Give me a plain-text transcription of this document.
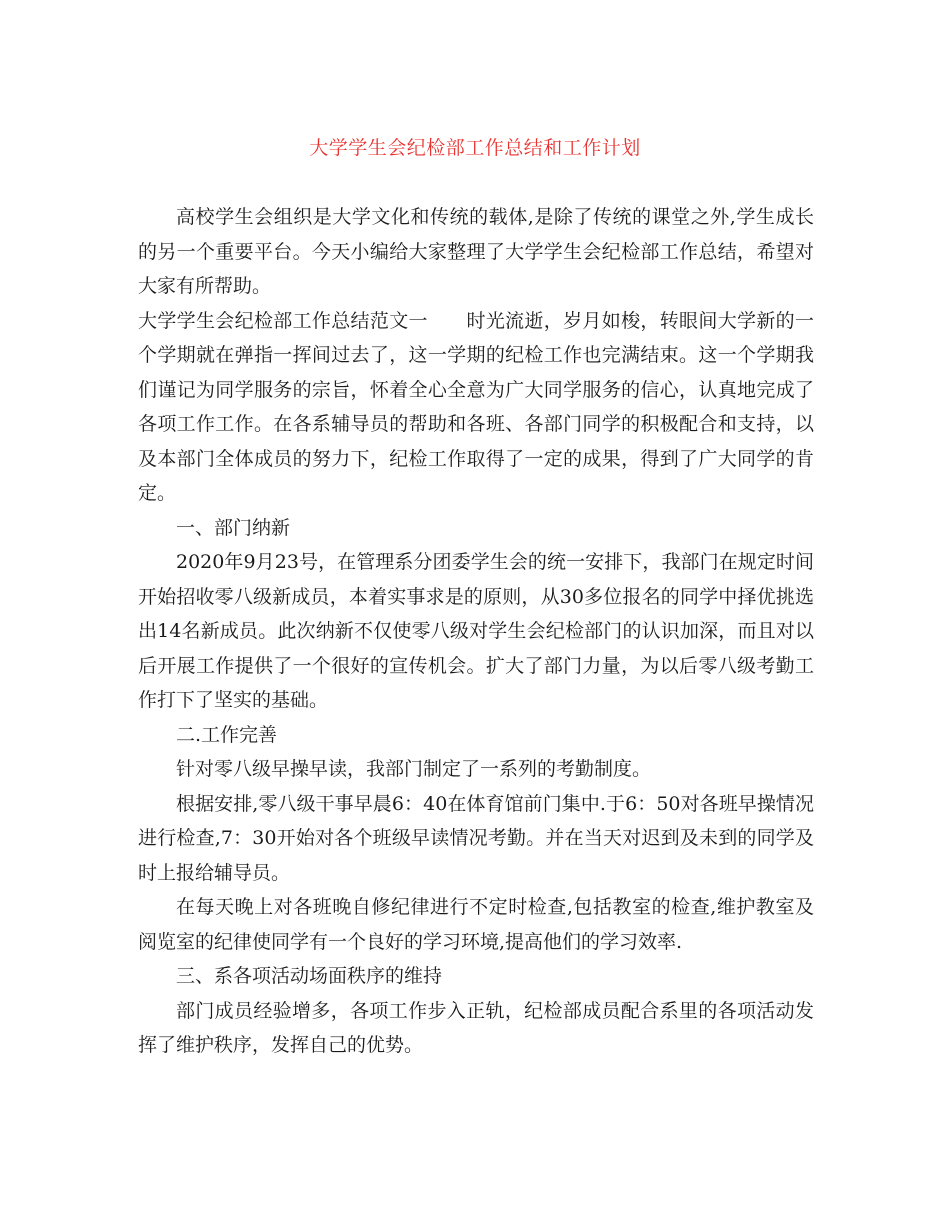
大学学生会纪检部工作总结和工作计划

高校学生会组织是大学文化和传统的载体,是除了传统的课堂之外,学生成长的另一个重要平台。今天小编给大家整理了大学学生会纪检部工作总结，希望对大家有所帮助。

大学学生会纪检部工作总结范文一　　时光流逝，岁月如梭，转眼间大学新的一个学期就在弹指一挥间过去了，这一学期的纪检工作也完满结束。这一个学期我们谨记为同学服务的宗旨，怀着全心全意为广大同学服务的信心，认真地完成了各项工作工作。在各系辅导员的帮助和各班、各部门同学的积极配合和支持，以及本部门全体成员的努力下，纪检工作取得了一定的成果，得到了广大同学的肯定。

一、部门纳新

2020年9月23号，在管理系分团委学生会的统一安排下，我部门在规定时间开始招收零八级新成员，本着实事求是的原则，从30多位报名的同学中择优挑选出14名新成员。此次纳新不仅使零八级对学生会纪检部门的认识加深，而且对以后开展工作提供了一个很好的宣传机会。扩大了部门力量，为以后零八级考勤工作打下了坚实的基础。

二.工作完善

针对零八级早操早读，我部门制定了一系列的考勤制度。

根据安排,零八级干事早晨6：40在体育馆前门集中.于6：50对各班早操情况进行检查,7：30开始对各个班级早读情况考勤。并在当天对迟到及未到的同学及时上报给辅导员。

在每天晚上对各班晚自修纪律进行不定时检查,包括教室的检查,维护教室及阅览室的纪律使同学有一个良好的学习环境,提高他们的学习效率.

三、系各项活动场面秩序的维持

部门成员经验增多，各项工作步入正轨，纪检部成员配合系里的各项活动发挥了维护秩序，发挥自己的优势。
